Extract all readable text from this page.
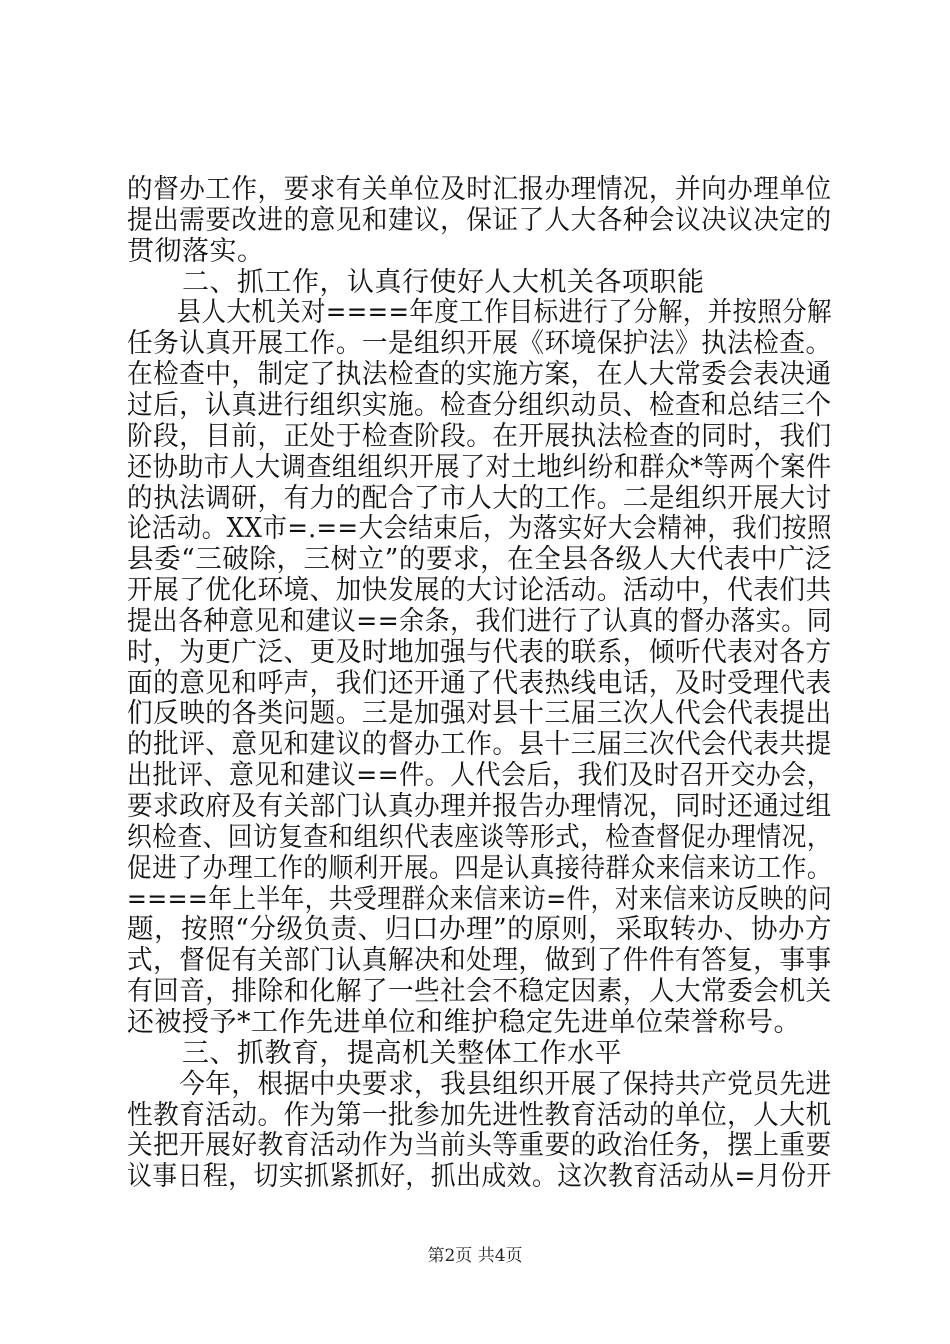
的督办工作，要求有关单位及时汇报办理情况，并向办理单位
提出需要改进的意见和建议，保证了人大各种会议决议决定的
贯彻落实。
　　二、抓工作，认真行使好人大机关各项职能
　　县人大机关对====年度工作目标进行了分解，并按照分解
任务认真开展工作。一是组织开展《环境保护法》执法检查。
在检查中，制定了执法检查的实施方案，在人大常委会表决通
过后，认真进行组织实施。检查分组织动员、检查和总结三个
阶段，目前，正处于检查阶段。在开展执法检查的同时，我们
还协助市人大调查组组织开展了对土地纠纷和群众*等两个案件
的执法调研，有力的配合了市人大的工作。二是组织开展大讨
论活动。XX市=.==大会结束后，为落实好大会精神，我们按照
县委“三破除，三树立”的要求，在全县各级人大代表中广泛
开展了优化环境、加快发展的大讨论活动。活动中，代表们共
提出各种意见和建议==余条，我们进行了认真的督办落实。同
时，为更广泛、更及时地加强与代表的联系，倾听代表对各方
面的意见和呼声，我们还开通了代表热线电话，及时受理代表
们反映的各类问题。三是加强对县十三届三次人代会代表提出
的批评、意见和建议的督办工作。县十三届三次代会代表共提
出批评、意见和建议==件。人代会后，我们及时召开交办会，
要求政府及有关部门认真办理并报告办理情况，同时还通过组
织检查、回访复查和组织代表座谈等形式，检查督促办理情况，
促进了办理工作的顺利开展。四是认真接待群众来信来访工作。
====年上半年，共受理群众来信来访=件，对来信来访反映的问
题，按照“分级负责、归口办理”的原则，采取转办、协办方
式，督促有关部门认真解决和处理，做到了件件有答复，事事
有回音，排除和化解了一些社会不稳定因素，人大常委会机关
还被授予*工作先进单位和维护稳定先进单位荣誉称号。
　　三、抓教育，提高机关整体工作水平
　　今年，根据中央要求，我县组织开展了保持共产党员先进
性教育活动。作为第一批参加先进性教育活动的单位，人大机
关把开展好教育活动作为当前头等重要的政治任务，摆上重要
议事日程，切实抓紧抓好，抓出成效。这次教育活动从=月份开
第2页 共4页
